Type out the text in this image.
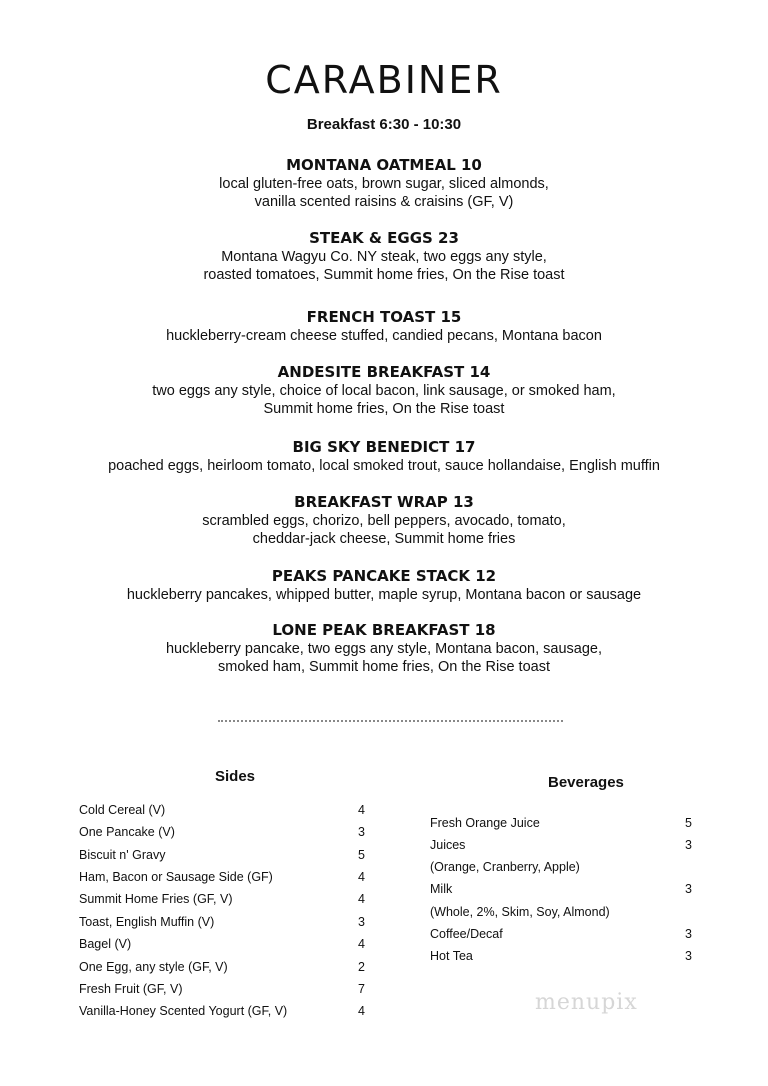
CARABINER
Breakfast 6:30 - 10:30
MONTANA OATMEAL 10
local gluten-free oats, brown sugar, sliced almonds,
vanilla scented raisins & craisins (GF, V)
STEAK & EGGS 23
Montana Wagyu Co. NY steak, two eggs any style,
roasted tomatoes, Summit home fries, On the Rise toast
FRENCH TOAST 15
huckleberry-cream cheese stuffed, candied pecans, Montana bacon
ANDESITE BREAKFAST 14
two eggs any style, choice of local bacon, link sausage, or smoked ham,
Summit home fries, On the Rise toast
BIG SKY BENEDICT 17
poached eggs, heirloom tomato, local smoked trout, sauce hollandaise, English muffin
BREAKFAST WRAP 13
scrambled eggs, chorizo, bell peppers, avocado, tomato,
cheddar-jack cheese, Summit home fries
PEAKS PANCAKE STACK 12
huckleberry pancakes, whipped butter, maple syrup, Montana bacon or sausage
LONE PEAK BREAKFAST 18
huckleberry pancake, two eggs any style, Montana bacon, sausage,
smoked ham, Summit home fries, On the Rise toast
Sides
Cold Cereal (V)	4
One Pancake (V)	3
Biscuit n' Gravy	5
Ham, Bacon or Sausage Side (GF)	4
Summit Home Fries (GF, V)	4
Toast, English Muffin (V)	3
Bagel (V)	4
One Egg, any style (GF, V)	2
Fresh Fruit (GF, V)	7
Vanilla-Honey Scented Yogurt (GF, V)	4
Beverages
Fresh Orange Juice	5
Juices	3
(Orange, Cranberry, Apple)
Milk	3
(Whole, 2%, Skim, Soy, Almond)
Coffee/Decaf	3
Hot Tea	3
menupix
